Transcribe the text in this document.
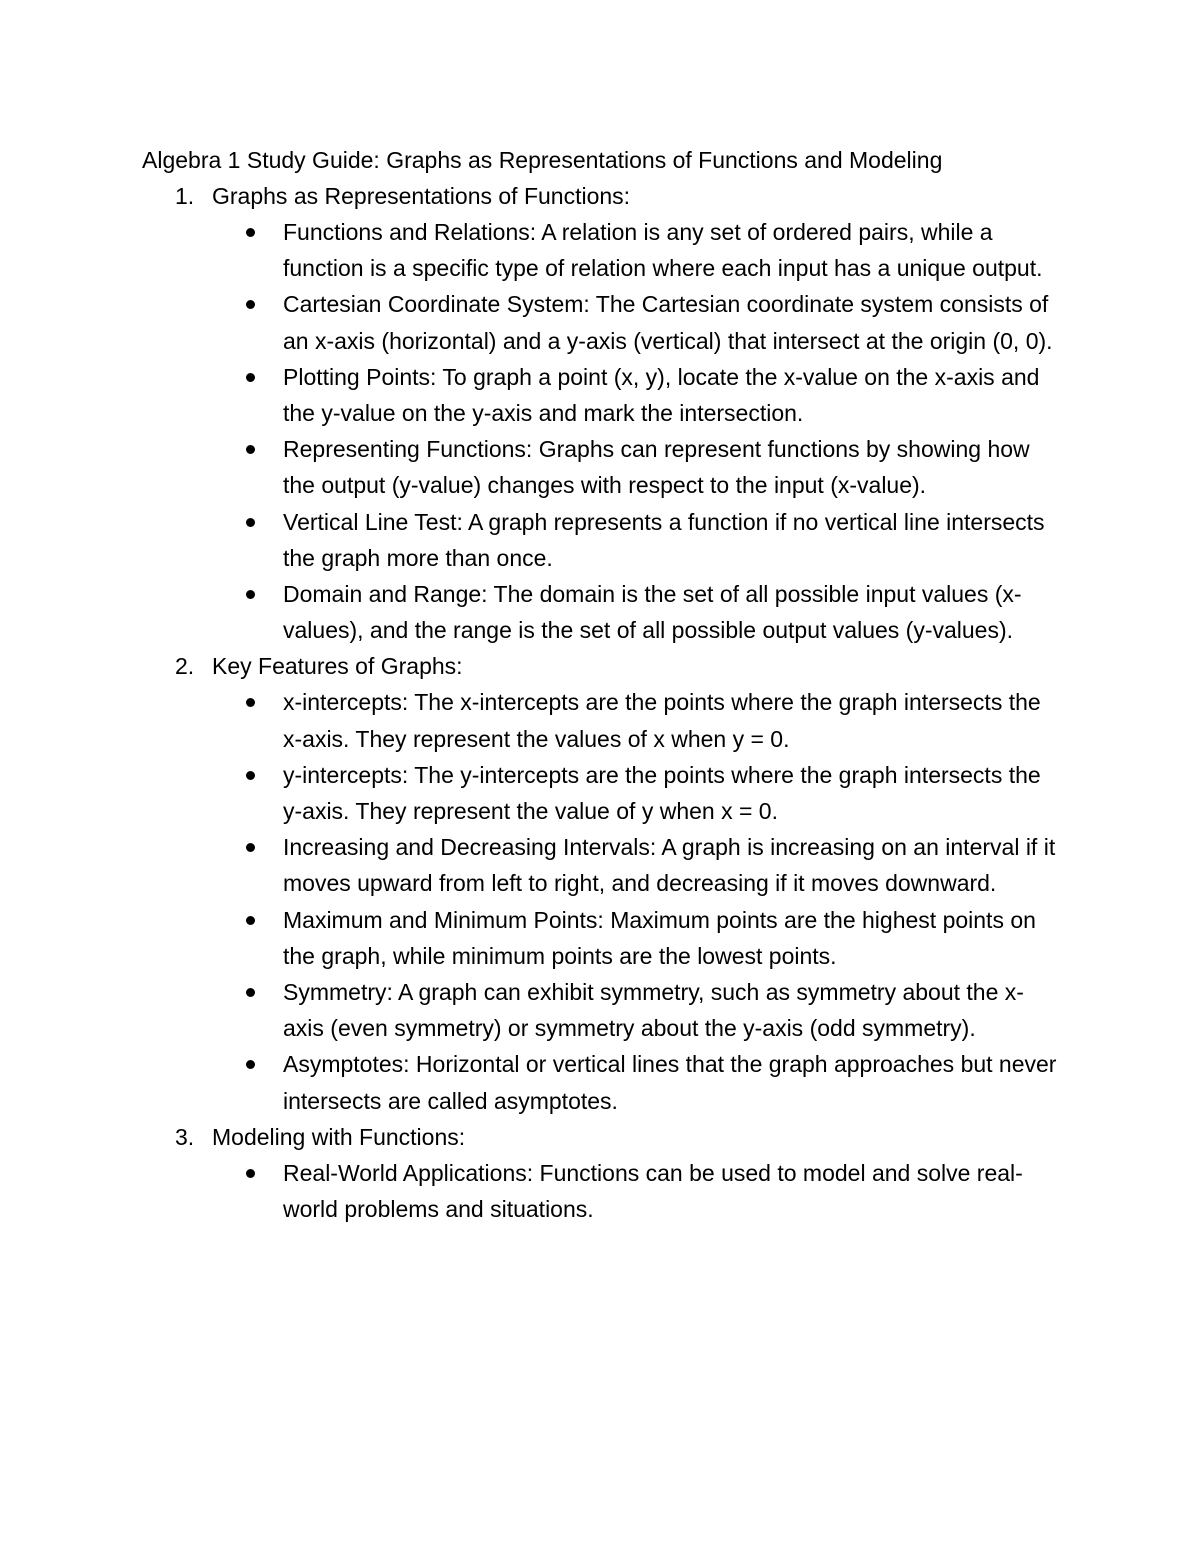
Algebra 1 Study Guide: Graphs as Representations of Functions and Modeling
1. Graphs as Representations of Functions:
Functions and Relations: A relation is any set of ordered pairs, while a function is a specific type of relation where each input has a unique output.
Cartesian Coordinate System: The Cartesian coordinate system consists of an x-axis (horizontal) and a y-axis (vertical) that intersect at the origin (0, 0).
Plotting Points: To graph a point (x, y), locate the x-value on the x-axis and the y-value on the y-axis and mark the intersection.
Representing Functions: Graphs can represent functions by showing how the output (y-value) changes with respect to the input (x-value).
Vertical Line Test: A graph represents a function if no vertical line intersects the graph more than once.
Domain and Range: The domain is the set of all possible input values (x-values), and the range is the set of all possible output values (y-values).
2. Key Features of Graphs:
x-intercepts: The x-intercepts are the points where the graph intersects the x-axis. They represent the values of x when y = 0.
y-intercepts: The y-intercepts are the points where the graph intersects the y-axis. They represent the value of y when x = 0.
Increasing and Decreasing Intervals: A graph is increasing on an interval if it moves upward from left to right, and decreasing if it moves downward.
Maximum and Minimum Points: Maximum points are the highest points on the graph, while minimum points are the lowest points.
Symmetry: A graph can exhibit symmetry, such as symmetry about the x-axis (even symmetry) or symmetry about the y-axis (odd symmetry).
Asymptotes: Horizontal or vertical lines that the graph approaches but never intersects are called asymptotes.
3. Modeling with Functions:
Real-World Applications: Functions can be used to model and solve real-world problems and situations.
